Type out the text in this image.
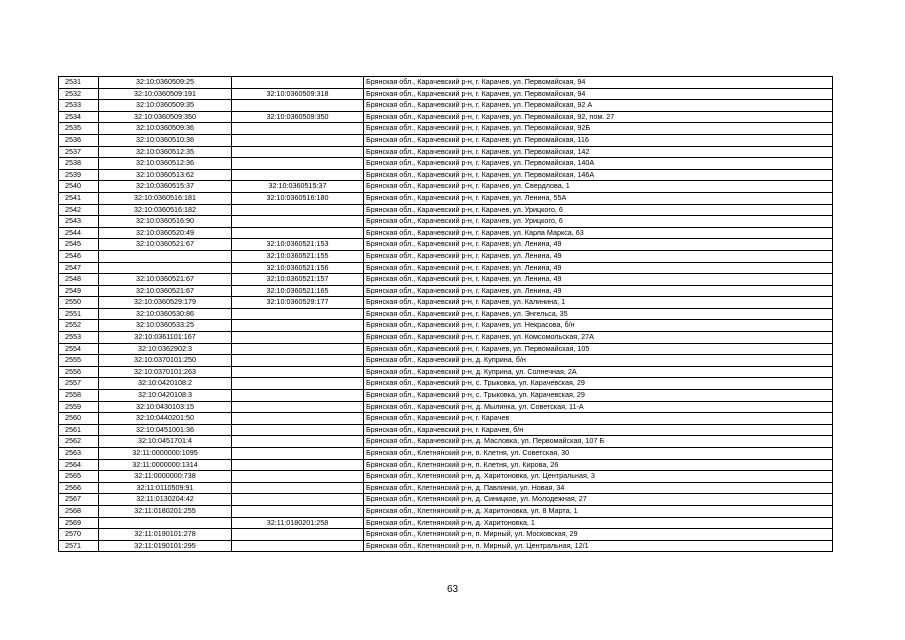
2531	32:10:0360509:25		Брянская обл., Карачевский р-н, г. Карачев, ул. Первомайская, 94
2532	32:10:0360509:191	32:10:0360509:318	Брянская обл., Карачевский р-н, г. Карачев, ул. Первомайская, 94
2533	32:10:0360509:35		Брянская обл., Карачевский р-н, г. Карачев, ул. Первомайская, 92 А
2534	32:10:0360509:350	32:10:0360509:350	Брянская обл., Карачевский р-н, г. Карачев, ул. Первомайская, 92, пом. 27
2535	32:10:0360509:36		Брянская обл., Карачевский р-н, г. Карачев, ул. Первомайская, 92Б
2536	32:10:0360510:36		Брянская обл., Карачевский р-н, г. Карачев, ул. Первомайская, 116
2537	32:10:0360512:35		Брянская обл., Карачевский р-н, г. Карачев, ул. Первомайская, 142
2538	32:10:0360512:36		Брянская обл., Карачевский р-н, г. Карачев, ул. Первомайская, 140А
2539	32:10:0360513:62		Брянская обл., Карачевский р-н, г. Карачев, ул. Первомайская, 146А
2540	32:10:0360515:37	32:10:0360515:37	Брянская обл., Карачевский р-н, г. Карачев, ул. Свердлова, 1
2541	32:10:0360516:181	32:10:0360516:180	Брянская обл., Карачевский р-н, г. Карачев, ул. Ленина, 55А
2542	32:10:0360516:182		Брянская обл., Карачевский р-н, г. Карачев, ул. Урицкого, 6
2543	32:10:0360516:90		Брянская обл., Карачевский р-н, г. Карачев, ул. Урицкого, 6
2544	32:10:0360520:49		Брянская обл., Карачевский р-н, г. Карачев, ул. Карла Маркса, 63
2545	32:10:0360521:67	32:10:0360521:153	Брянская обл., Карачевский р-н, г. Карачев, ул. Ленина, 49
2546		32:10:0360521:155	Брянская обл., Карачевский р-н, г. Карачев, ул. Ленина, 49
2547		32:10:0360521:156	Брянская обл., Карачевский р-н, г. Карачев, ул. Ленина, 49
2548	32:10:0360521:67	32:10:0360521:157	Брянская обл., Карачевский р-н, г. Карачев, ул. Ленина, 49
2549	32:10:0360521:67	32:10:0360521:165	Брянская обл., Карачевский р-н, г. Карачев, ул. Ленина, 49
2550	32:10:0360529:179	32:10:0360529:177	Брянская обл., Карачевский р-н, г. Карачев, ул. Калинина, 1
2551	32:10:0360530:86		Брянская обл., Карачевский р-н, г. Карачев, ул. Энгельса, 35
2552	32:10:0360533:25		Брянская обл., Карачевский р-н, г. Карачев, ул. Некрасова, б/н
2553	32:10:0361101:167		Брянская обл., Карачевский р-н, г. Карачев, ул. Комсомольская, 27А
2554	32:10:0362902:3		Брянская обл., Карачевский р-н, г. Карачев, ул. Первомайская, 105
2555	32:10:0370101:250		Брянская обл., Карачевский р-н, д. Куприна, б/н
2556	32:10:0370101:263		Брянская обл., Карачевский р-н, д. Куприна, ул. Солнечная, 2А
2557	32:10:0420108:2		Брянская обл., Карачевский р-н, с. Трыковка, ул. Карачевская, 29
2558	32:10:0420108:3		Брянская обл., Карачевский р-н, с. Трыковка, ул. Карачевская, 29
2559	32:10:0430103:15		Брянская обл., Карачевский р-н, д. Мылинка, ул. Советская, 11-А
2560	32:10:0440201:50		Брянская обл., Карачевский р-н, г. Карачев
2561	32:10:0451001:36		Брянская обл., Карачевский р-н, г. Карачев, б/н
2562	32:10:0451701:4		Брянская обл., Карачевский р-н, д. Масловка, ул. Первомайская, 107 Б
2563	32:11:0000000:1095		Брянская обл., Клетнянский р-н, п. Клетня, ул. Советская, 30
2564	32:11:0000000:1314		Брянская обл., Клетнянский р-н, п. Клетня, ул. Кирова, 26
2565	32:11:0000000:738		Брянская обл., Клетнянский р-н, д. Харитоновка, ул. Центральная, 3
2566	32:11:0110509:91		Брянская обл., Клетнянский р-н, д. Павлинки, ул. Новая, 34
2567	32:11:0130204:42		Брянская обл., Клетнянский р-н, д. Синицкое, ул. Молодежная, 27
2568	32:11:0180201:255		Брянская обл., Клетнянский р-н, д. Харитоновка, ул. 8 Марта, 1
2569		32:11:0180201:258	Брянская обл., Клетнянский р-н, д. Харитоновка, 1
2570	32:11:0190101:278		Брянская обл., Клетнянский р-н, п. Мирный, ул. Московская, 29
2571	32:11:0190101:295		Брянская обл., Клетнянский р-н, п. Мирный, ул. Центральная, 12/1
63
